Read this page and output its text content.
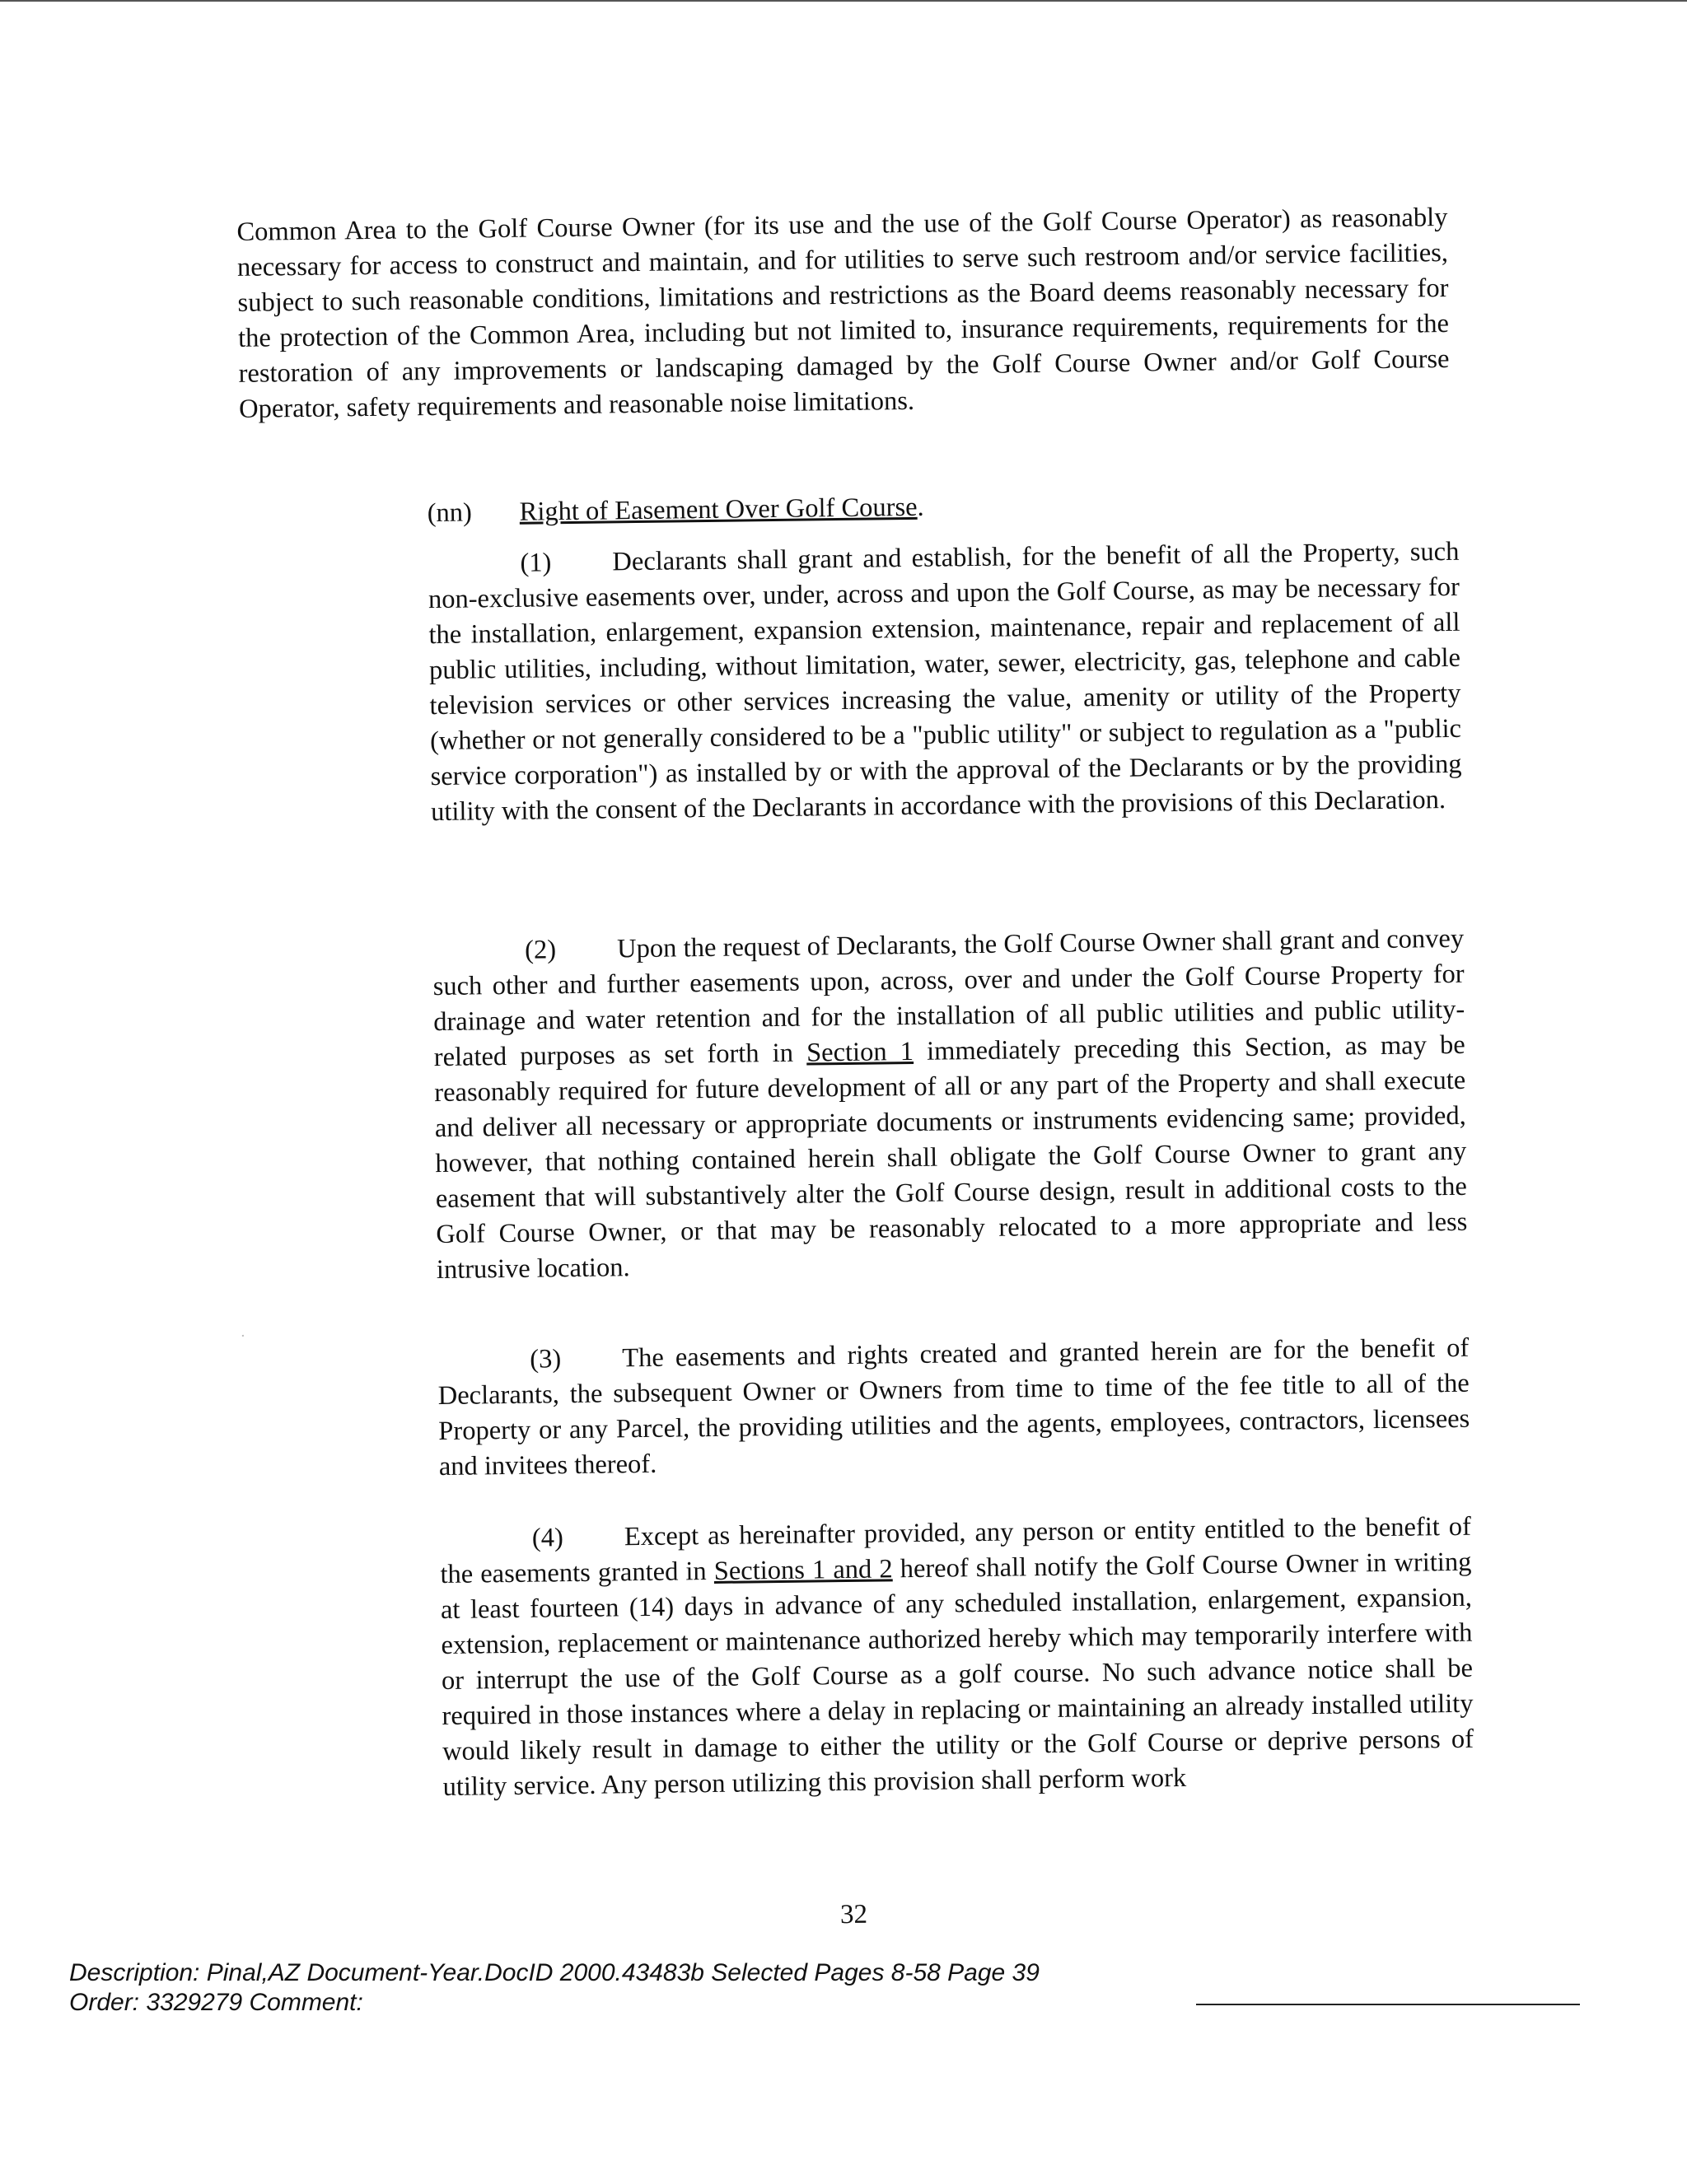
Common Area to the Golf Course Owner (for its use and the use of the Golf Course Operator) as reasonably necessary for access to construct and maintain, and for utilities to serve such restroom and/or service facilities, subject to such reasonable conditions, limitations and restrictions as the Board deems reasonably necessary for the protection of the Common Area, including but not limited to, insurance requirements, requirements for the restoration of any improvements or landscaping damaged by the Golf Course Owner and/or Golf Course Operator, safety requirements and reasonable noise limitations.

(nn) Right of Easement Over Golf Course.

(1) Declarants shall grant and establish, for the benefit of all the Property, such non-exclusive easements over, under, across and upon the Golf Course, as may be necessary for the installation, enlargement, expansion extension, maintenance, repair and replacement of all public utilities, including, without limitation, water, sewer, electricity, gas, telephone and cable television services or other services increasing the value, amenity or utility of the Property (whether or not generally considered to be a "public utility" or subject to regulation as a "public service corporation") as installed by or with the approval of the Declarants or by the providing utility with the consent of the Declarants in accordance with the provisions of this Declaration.

(2) Upon the request of Declarants, the Golf Course Owner shall grant and convey such other and further easements upon, across, over and under the Golf Course Property for drainage and water retention and for the installation of all public utilities and public utility-related purposes as set forth in Section 1 immediately preceding this Section, as may be reasonably required for future development of all or any part of the Property and shall execute and deliver all necessary or appropriate documents or instruments evidencing same; provided, however, that nothing contained herein shall obligate the Golf Course Owner to grant any easement that will substantively alter the Golf Course design, result in additional costs to the Golf Course Owner, or that may be reasonably relocated to a more appropriate and less intrusive location.

(3) The easements and rights created and granted herein are for the benefit of Declarants, the subsequent Owner or Owners from time to time of the fee title to all of the Property or any Parcel, the providing utilities and the agents, employees, contractors, licensees and invitees thereof.

(4) Except as hereinafter provided, any person or entity entitled to the benefit of the easements granted in Sections 1 and 2 hereof shall notify the Golf Course Owner in writing at least fourteen (14) days in advance of any scheduled installation, enlargement, expansion, extension, replacement or maintenance authorized hereby which may temporarily interfere with or interrupt the use of the Golf Course as a golf course. No such advance notice shall be required in those instances where a delay in replacing or maintaining an already installed utility would likely result in damage to either the utility or the Golf Course or deprive persons of utility service. Any person utilizing this provision shall perform work

32
Description: Pinal,AZ Document-Year.DocID 2000.43483b Selected Pages 8-58 Page 39
Order: 3329279 Comment:
